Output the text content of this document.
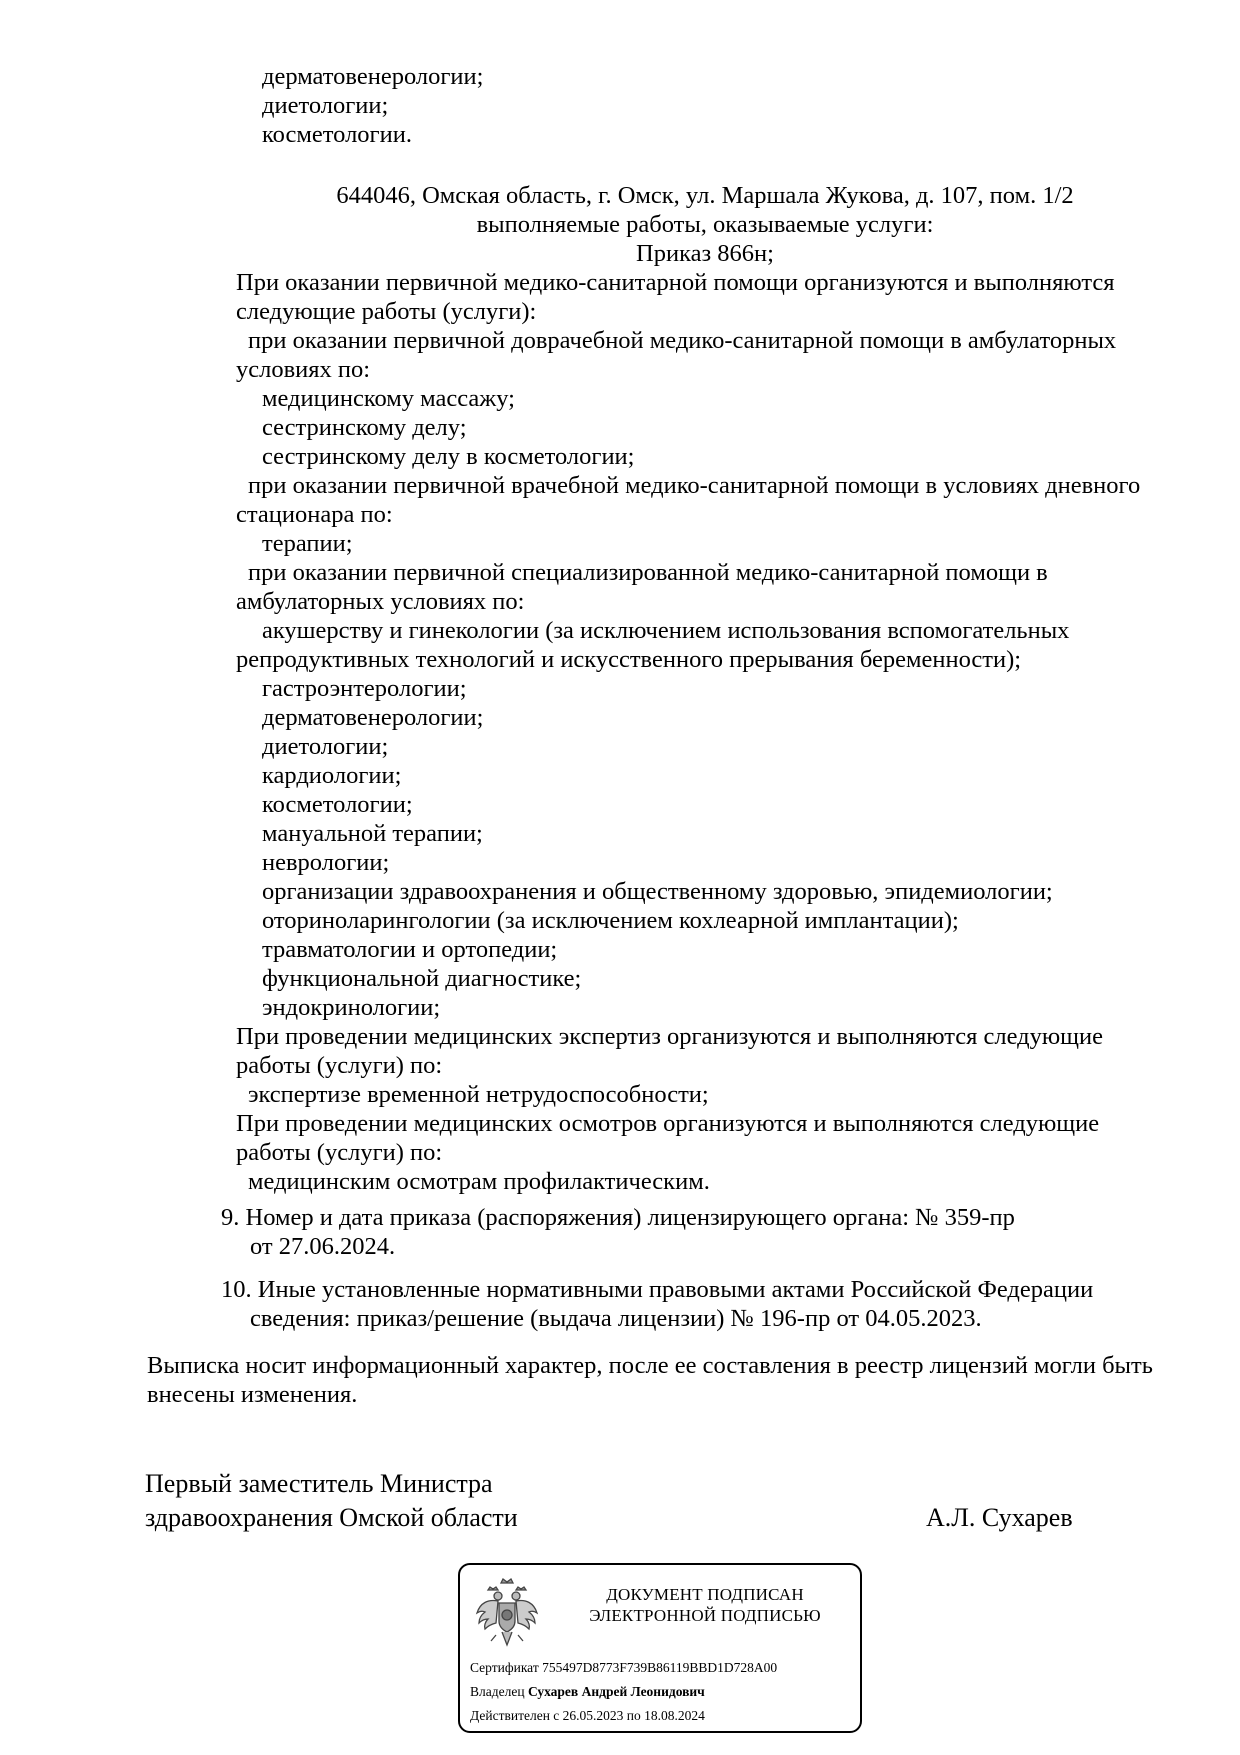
дерматовенерологии;
диетологии;
косметологии.
644046, Омская область, г. Омск, ул. Маршала Жукова, д. 107, пом. 1/2
выполняемые работы, оказываемые услуги:
Приказ 866н;
При оказании первичной медико-санитарной помощи организуются и выполняются
следующие работы (услуги):
при оказании первичной доврачебной медико-санитарной помощи в амбулаторных
условиях по:
медицинскому массажу;
сестринскому делу;
сестринскому делу в косметологии;
при оказании первичной врачебной медико-санитарной помощи в условиях дневного
стационара по:
терапии;
при оказании первичной специализированной медико-санитарной помощи в
амбулаторных условиях по:
акушерству и гинекологии (за исключением использования вспомогательных
репродуктивных технологий и искусственного прерывания беременности);
гастроэнтерологии;
дерматовенерологии;
диетологии;
кардиологии;
косметологии;
мануальной терапии;
неврологии;
организации здравоохранения и общественному здоровью, эпидемиологии;
оториноларингологии (за исключением кохлеарной имплантации);
травматологии и ортопедии;
функциональной диагностике;
эндокринологии;
При проведении медицинских экспертиз организуются и выполняются следующие
работы (услуги) по:
экспертизе временной нетрудоспособности;
При проведении медицинских осмотров организуются и выполняются следующие
работы (услуги) по:
медицинским осмотрам профилактическим.
9. Номер и дата приказа (распоряжения) лицензирующего органа: № 359-пр
от 27.06.2024.
10. Иные установленные нормативными правовыми актами Российской Федерации
сведения: приказ/решение (выдача лицензии) № 196-пр от 04.05.2023.
Выписка носит информационный характер, после ее составления в реестр лицензий могли быть
внесены изменения.
Первый заместитель Министра
здравоохранения Омской области	А.Л. Сухарев
ДОКУМЕНТ ПОДПИСАН
ЭЛЕКТРОННОЙ ПОДПИСЬЮ
Сертификат 755497D8773F739B86119BBD1D728A00
Владелец Сухарев Андрей Леонидович
Действителен с 26.05.2023 по 18.08.2024
